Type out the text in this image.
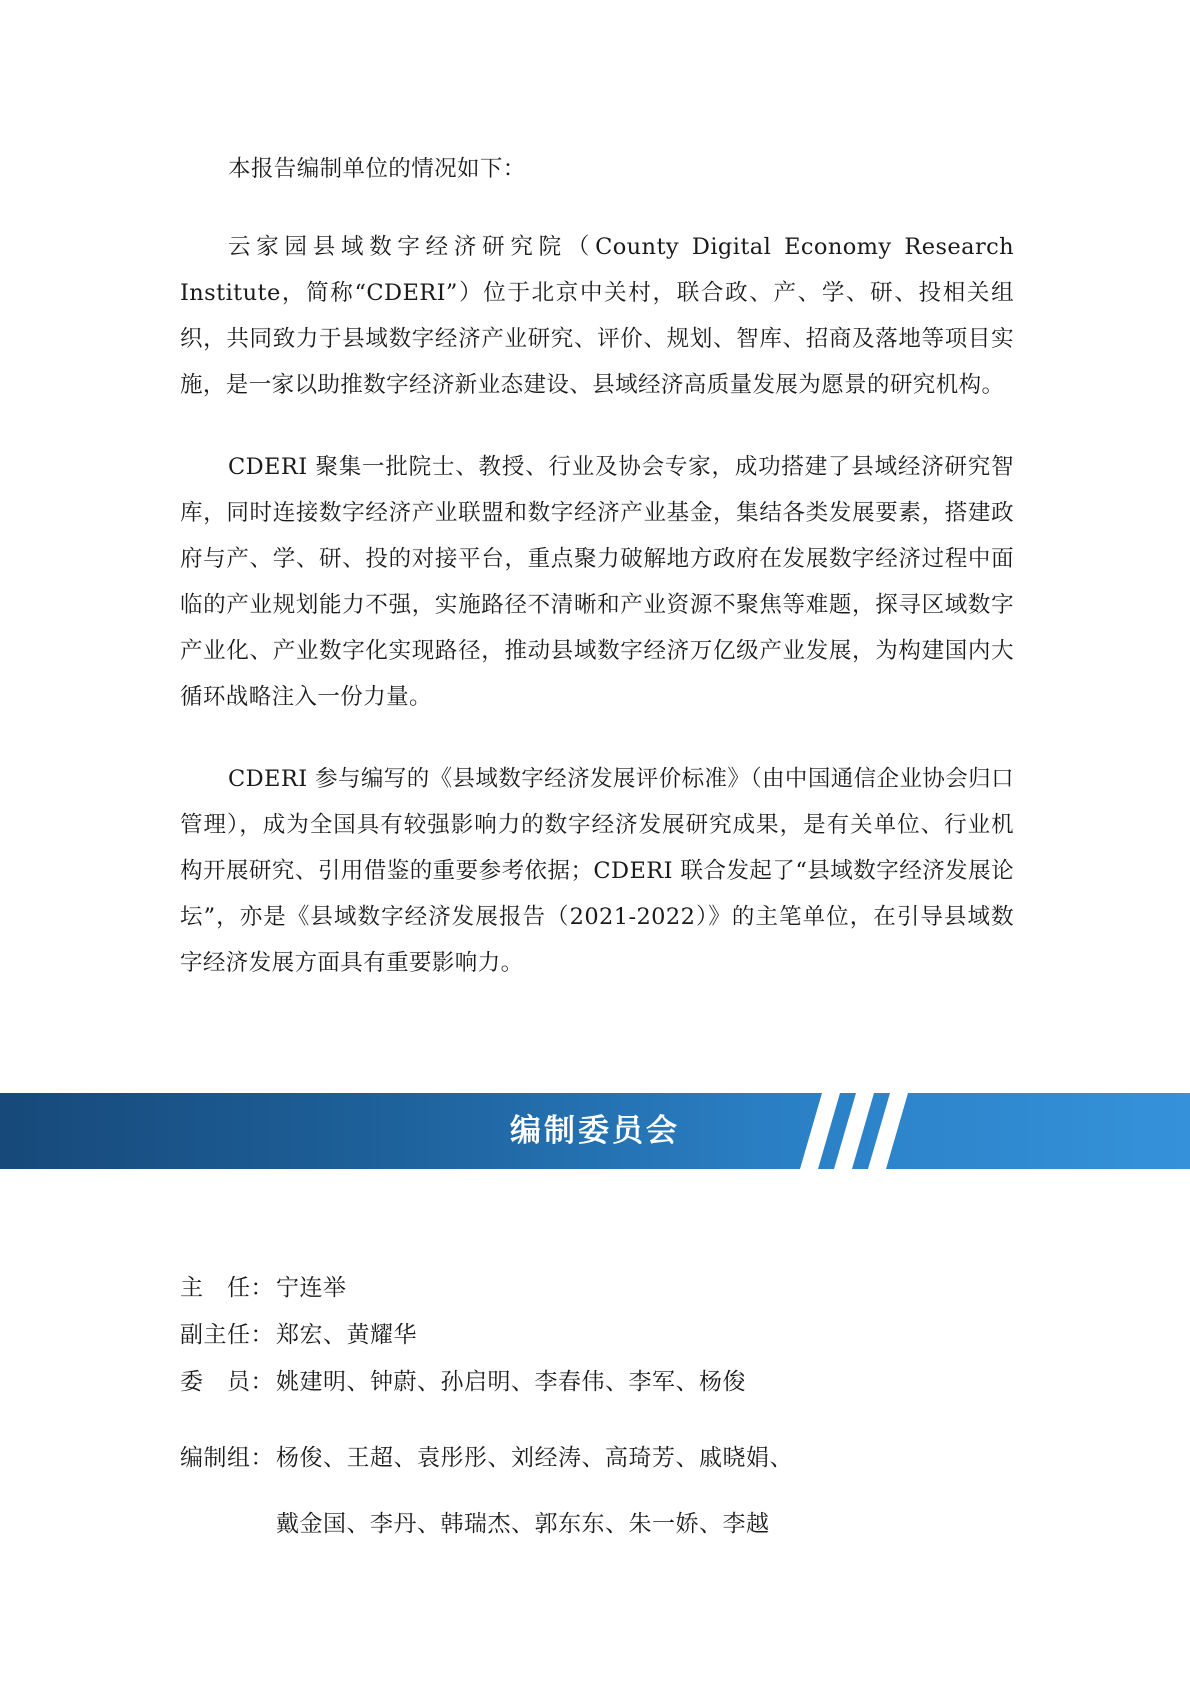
本报告编制单位的情况如下：

云家园县域数字经济研究院（County Digital Economy Research Institute，简称“CDERI”）位于北京中关村，联合政、产、学、研、投相关组织，共同致力于县域数字经济产业研究、评价、规划、智库、招商及落地等项目实施，是一家以助推数字经济新业态建设、县域经济高质量发展为愿景的研究机构。

CDERI 聚集一批院士、教授、行业及协会专家，成功搭建了县域经济研究智库，同时连接数字经济产业联盟和数字经济产业基金，集结各类发展要素，搭建政府与产、学、研、投的对接平台，重点聚力破解地方政府在发展数字经济过程中面临的产业规划能力不强，实施路径不清晰和产业资源不聚焦等难题，探寻区域数字产业化、产业数字化实现路径，推动县域数字经济万亿级产业发展，为构建国内大循环战略注入一份力量。

CDERI 参与编写的《县域数字经济发展评价标准》（由中国通信企业协会归口管理），成为全国具有较强影响力的数字经济发展研究成果，是有关单位、行业机构开展研究、引用借鉴的重要参考依据；CDERI 联合发起了“县域数字经济发展论坛”，亦是《县域数字经济发展报告（2021-2022）》的主笔单位，在引导县域数字经济发展方面具有重要影响力。

编制委员会
主　任：宁连举
副主任：郑宏、黄耀华
委　员：姚建明、钟蔚、孙启明、李春伟、李军、杨俊
编制组：杨俊、王超、袁彤彤、刘经涛、高琦芳、戚晓娟、
戴金国、李丹、韩瑞杰、郭东东、朱一娇、李越
